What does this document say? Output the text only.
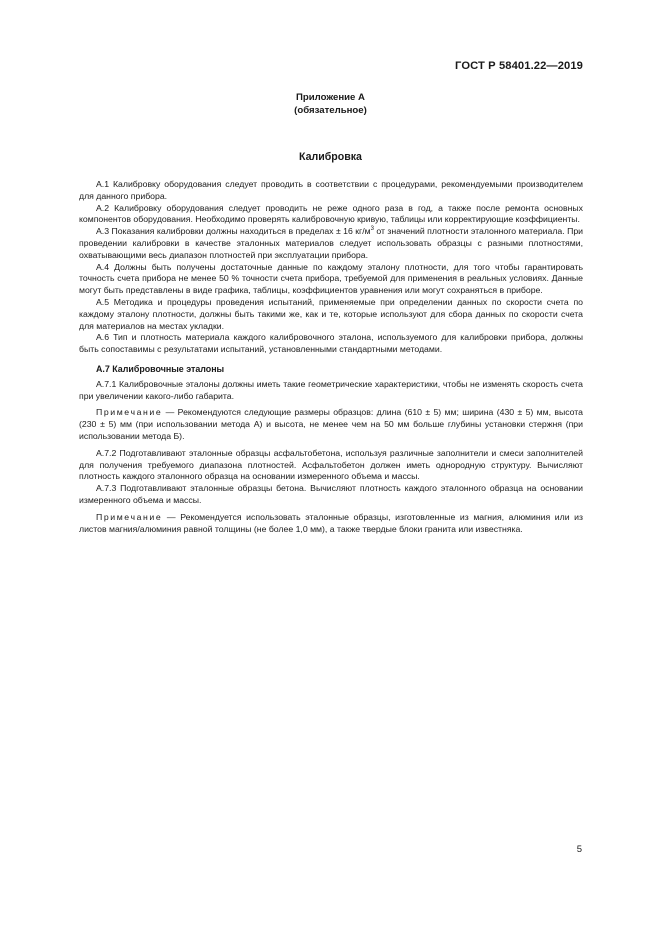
ГОСТ Р 58401.22—2019
Приложение А
(обязательное)
Калибровка

А.1 Калибровку оборудования следует проводить в соответствии с процедурами, рекомендуемыми производителем для данного прибора.

А.2 Калибровку оборудования следует проводить не реже одного раза в год, а также после ремонта основных компонентов оборудования. Необходимо проверять калибровочную кривую, таблицы или корректирующие коэффициенты.

А.3 Показания калибровки должны находиться в пределах ± 16 $кг/м^3$ от значений плотности эталонного материала. При проведении калибровки в качестве эталонных материалов следует использовать образцы с разными плотностями, охватывающими весь диапазон плотностей при эксплуатации прибора.

А.4 Должны быть получены достаточные данные по каждому эталону плотности, для того чтобы гарантировать точность счета прибора не менее 50 % точности счета прибора, требуемой для применения в реальных условиях. Данные могут быть представлены в виде графика, таблицы, коэффициентов уравнения или могут сохраняться в приборе.

А.5 Методика и процедуры проведения испытаний, применяемые при определении данных по скорости счета по каждому эталону плотности, должны быть такими же, как и те, которые используют для сбора данных по скорости счета для материалов на местах укладки.

А.6 Тип и плотность материала каждого калибровочного эталона, используемого для калибровки прибора, должны быть сопоставимы с результатами испытаний, установленными стандартными методами.

А.7 Калибровочные эталоны

А.7.1 Калибровочные эталоны должны иметь такие геометрические характеристики, чтобы не изменять скорость счета при увеличении какого-либо габарита.

Примечание — Рекомендуются следующие размеры образцов: длина (610 ± 5) мм; ширина (430 ± 5) мм, высота (230 ± 5) мм (при использовании метода А) и высота, не менее чем на 50 мм больше глубины установки стержня (при использовании метода Б).

А.7.2 Подготавливают эталонные образцы асфальтобетона, используя различные заполнители и смеси заполнителей для получения требуемого диапазона плотностей. Асфальтобетон должен иметь однородную структуру. Вычисляют плотность каждого эталонного образца на основании измеренного объема и массы.

А.7.3 Подготавливают эталонные образцы бетона. Вычисляют плотность каждого эталонного образца на основании измеренного объема и массы.

Примечание — Рекомендуется использовать эталонные образцы, изготовленные из магния, алюминия или из листов магния/алюминия равной толщины (не более 1,0 мм), а также твердые блоки гранита или известняка.

5
